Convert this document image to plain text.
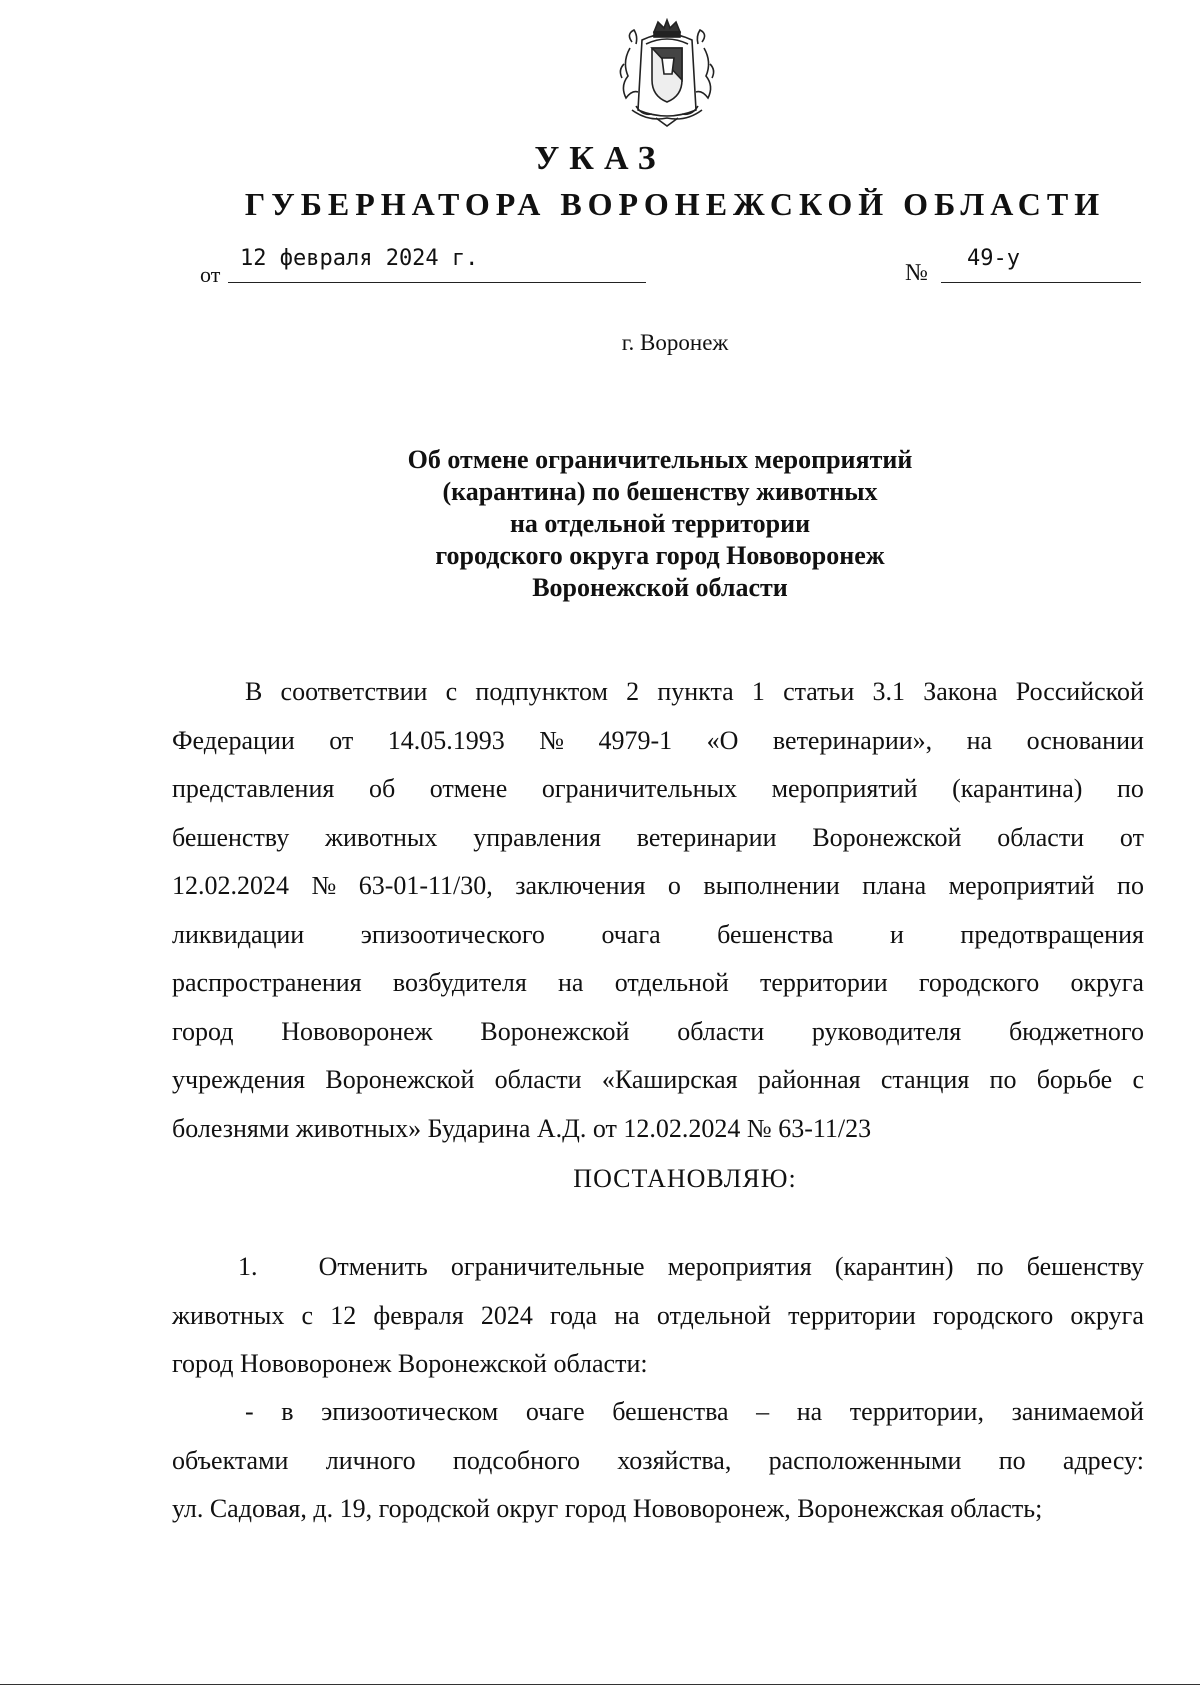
УКАЗ
ГУБЕРНАТОРА ВОРОНЕЖСКОЙ ОБЛАСТИ
от
12 февраля 2024 г.
№
49-у
г. Воронеж
Об отмене ограничительных мероприятий
(карантина) по бешенству животных
на отдельной территории
городского округа город Нововоронеж
Воронежской области
В соответствии с подпунктом 2 пункта 1 статьи 3.1 Закона Российской
Федерации от 14.05.1993 № 4979-1 «О ветеринарии», на основании
представления об отмене ограничительных мероприятий (карантина) по
бешенству животных управления ветеринарии Воронежской области от
12.02.2024 № 63-01-11/30, заключения о выполнении плана мероприятий по
ликвидации эпизоотического очага бешенства и предотвращения
распространения возбудителя на отдельной территории городского округа
город Нововоронеж Воронежской области руководителя бюджетного
учреждения Воронежской области «Каширская районная станция по борьбе с
болезнями животных» Бударина А.Д. от 12.02.2024 № 63-11/23
ПОСТАНОВЛЯЮ:
1. Отменить ограничительные мероприятия (карантин) по бешенству
животных с 12 февраля 2024 года на отдельной территории городского округа
город Нововоронеж Воронежской области:
- в эпизоотическом очаге бешенства – на территории, занимаемой
объектами личного подсобного хозяйства, расположенными по адресу:
ул. Садовая, д. 19, городской округ город Нововоронеж, Воронежская область;
